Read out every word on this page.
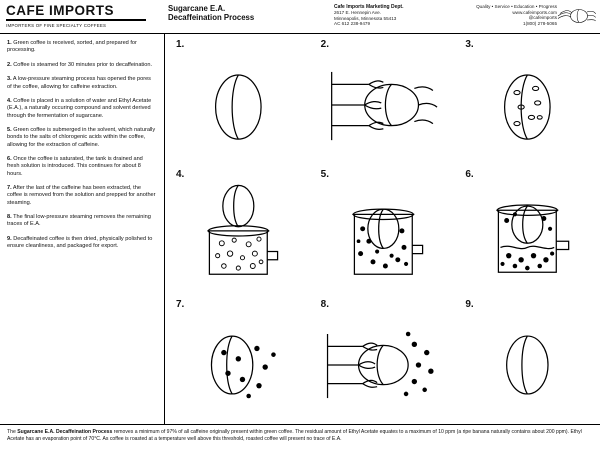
CAFE IMPORTS
IMPORTERS OF FINE SPECIALTY COFFEES
Sugarcane E.A.
Decaffeination Process
Cafe Imports Marketing Dept.
2617 E. Hennepin Ave.
Minneapolis, Minnesota 55413
AC 612 238-9479
Quality • Service • Education • Progress
www.cafeimports.com
@cafeimports
1(800) 278-5065
1. Green coffee is received, sorted, and prepared for processing.
2. Coffee is steamed for 30 minutes prior to decaffeination.
3. A low-pressure steaming process has opened the pores of the coffee, allowing for caffeine extraction.
4. Coffee is placed in a solution of water and Ethyl Acetate (E.A.), a naturally occuring compound and solvent derived through the fermentation of sugarcane.
5. Green coffee is submerged in the solvent, which naturally bonds to the salts of chlorogenic acids within the coffee, allowing for the extraction of caffeine.
6. Once the coffee is saturated, the tank is drained and fresh solution is introduced. This continues for about 8 hours.
7. After the last of the caffeine has been extracted, the coffee is removed from the solution and prepped for another steaming.
8. The final low-pressure steaming removes the remaining traces of E.A.
9. Decaffeinated coffee is then dried, physically polished to ensure cleanliness, and packaged for export.
1.	2.	3.
4.	5.	6.
7.	8.	9.
The Sugarcane E.A. Decaffeination Process removes a minimum of 97% of all caffeine originally present within green coffee. The residual amount of Ethyl Acetate equates to a maximum of 10 ppm (a ripe banana naturally contains about 200 ppm). Ethyl Acetate has an evaporation point of 70°C. As coffee is roasted at a temperature well above this threshold, roasted coffee will present no trace of E.A.
